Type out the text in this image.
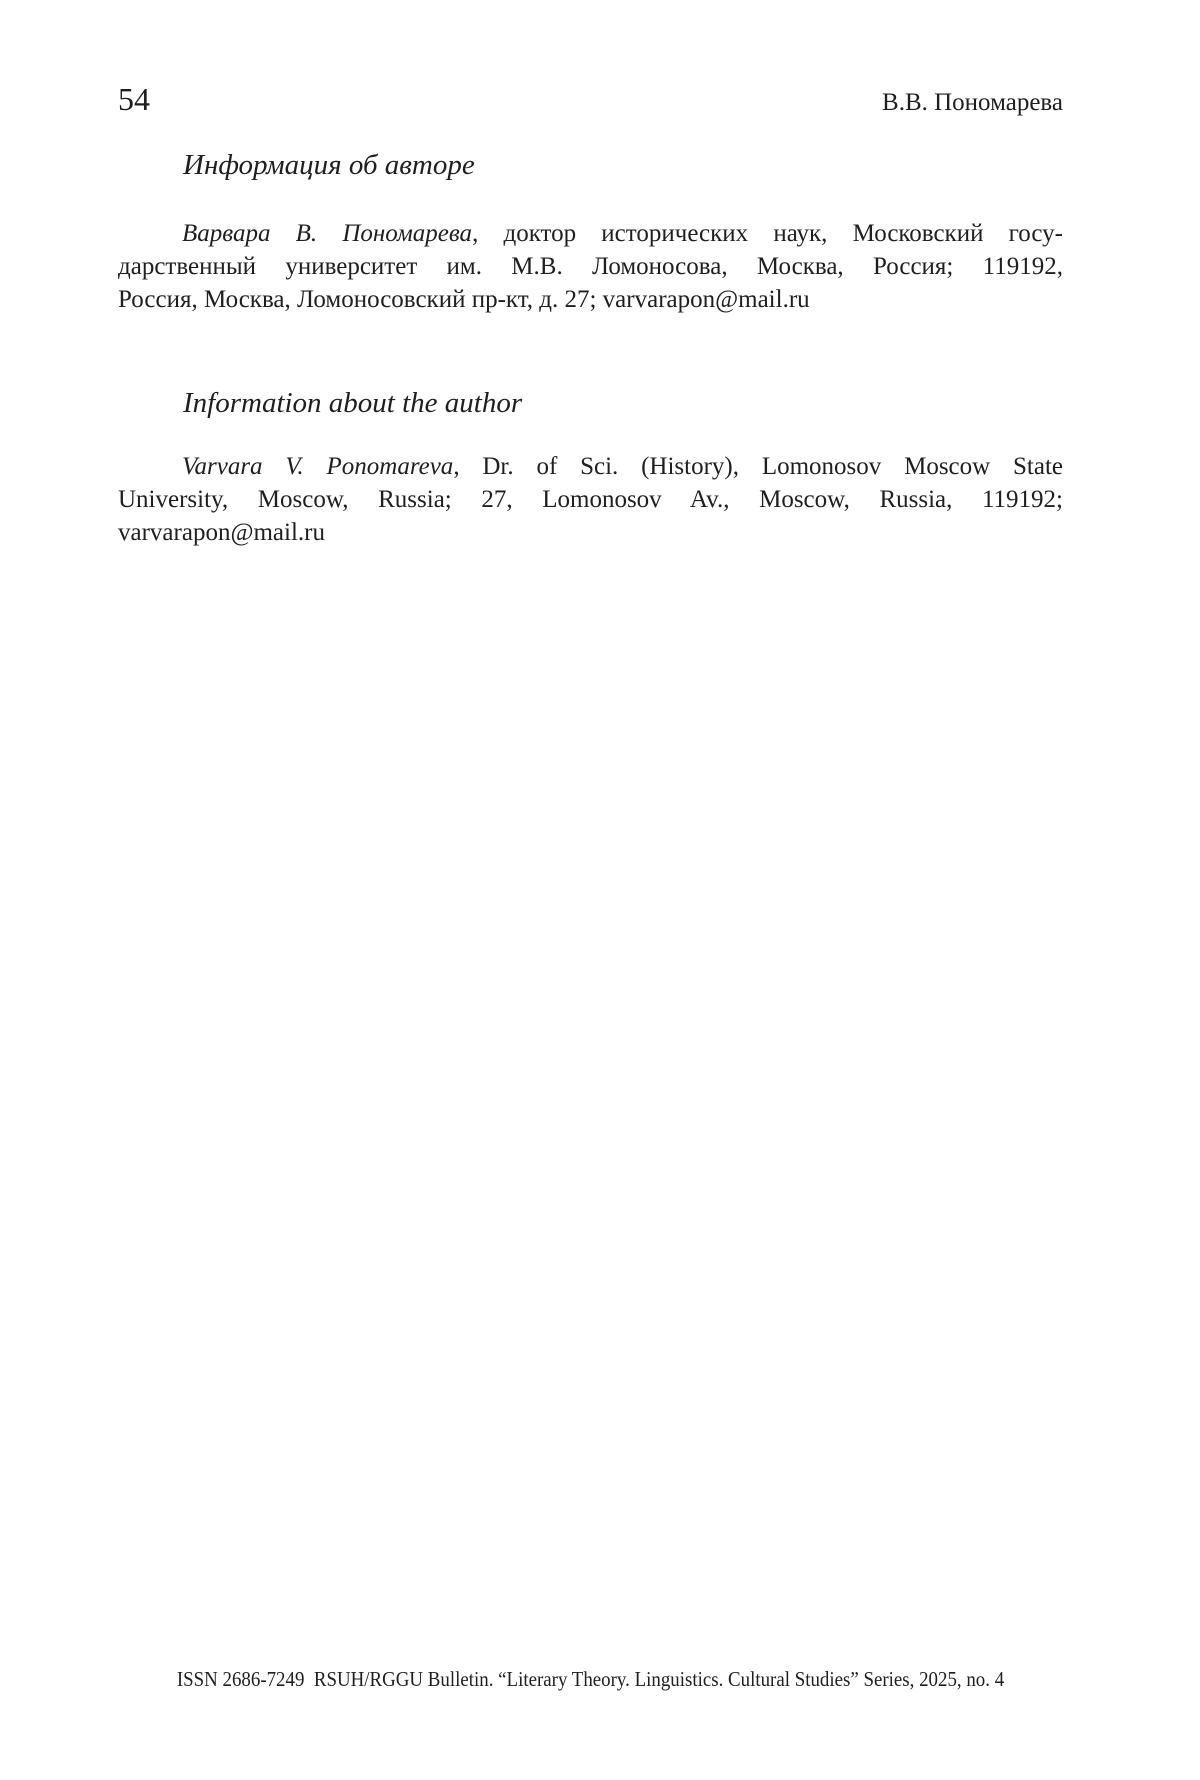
54	В.В. Пономарева
Информация об авторе
Варвара В. Пономарева, доктор исторических наук, Московский госу-
дарственный университет им. М.В. Ломоносова, Москва, Россия; 119192,
Россия, Москва, Ломоносовский пр-кт, д. 27; varvarapon@mail.ru
Information about the author
Varvara V. Ponomareva, Dr. of Sci. (History), Lomonosov Moscow State
University, Moscow, Russia; 27, Lomonosov Av., Moscow, Russia, 119192;
varvarapon@mail.ru
ISSN 2686-7249  RSUH/RGGU Bulletin. “Literary Theory. Linguistics. Cultural Studies” Series, 2025, no. 4
